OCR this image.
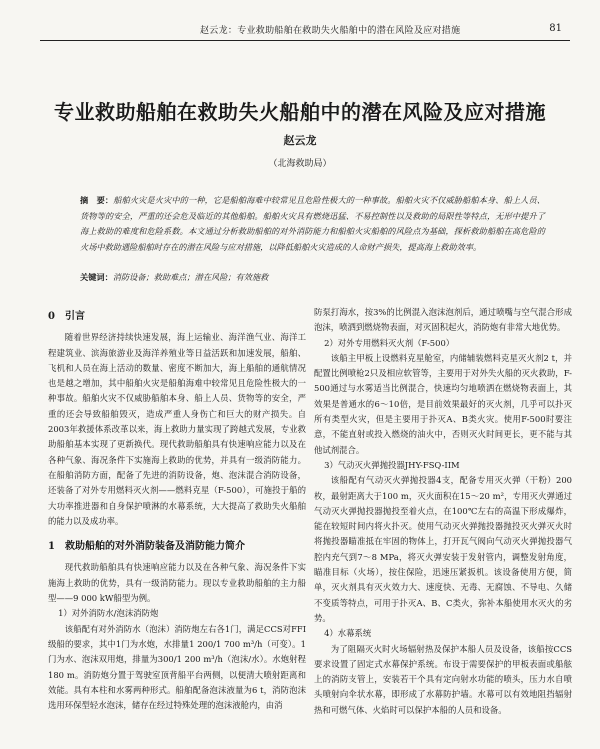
赵云龙：专业救助船舶在救助失火船舶中的潜在风险及应对措施	81
专业救助船舶在救助失火船舶中的潜在风险及应对措施
赵云龙
（北海救助局）
摘　要：船舶火灾是火灾中的一种，它是船舶海难中较常见且危险性极大的一种事故。船舶火灾不仅威胁船舶本身、船上人员、货物等的安全，严重的还会危及临近的其他船舶。船舶火灾具有燃烧迅猛、不易控制性以及救助的局限性等特点，无形中提升了海上救助的难度和危险系数。本文通过分析救助船舶的对外消防能力和船舶火灾船舶的风险点为基础，探析救助船舶在高危险的火场中救助遇险船舶时存在的潜在风险与应对措施，以降低船舶火灾造成的人命财产损失，提高海上救助效率。
关键词：消防设备；救助难点；潜在风险；有效施救
0　引言

随着世界经济持续快速发展，海上运输业、海洋渔气业、海洋工程建筑业、滨海旅游业及海洋养殖业等日益活跃和加速发展，船舶、飞机和人员在海上活动的数量、密度不断加大，海上船舶的通航情况也是越之增加，其中船舶火灾是船舶海难中较常见且危险性极大的一种事故。船舶火灾不仅威胁船舶本身、船上人员、货物等的安全，严重的还会导致船舶毁灭，造成严重人身伤亡和巨大的财产损失。自2003年救援体系改革以来，海上救助力量实现了跨越式发展，专业救助船舶基本实现了更新换代。现代救助船舶具有快速响应能力以及在各种气象、海况条件下实施海上救助的优势，并具有一级消防能力。在船舶消防方面，配备了先进的消防设备，炮、泡沫混合消防设备，还装备了对外专用燃料灭火剂——燃料克星（F-500），可施投于船的大功率推进器和自身保护喷淋的水幕系统，大大提高了救助失火船舶的能力以及成功率。

1　救助船舶的对外消防装备及消防能力简介

现代救助船舶具有快速响应能力以及在各种气象、海况条件下实施海上救助的优势，具有一级消防能力。现以专业救助船舶的主力船型——9 000 kW船型为例。

1）对外消防水/泡沫消防炮

该船配有对外消防水（泡沫）消防炮左右各1门，满足CCS对FFI级船的要求，其中1门为水炮，水排量1 200/1 700 m³/h（可变）。1门为水、泡沫双用炮，排量为300/1 200 m³/h（泡沫/水）。水炮射程180 m。消防炮分置于驾驶室顶背船平台两侧，以便清大喷射距离和效能。具有本柱和水雾两种形式。船舶配备泡沫液量为6 t，消防泡沫选用环保型轻水泡沫，储存在经过特殊处理的泡沫液舱内，由消

防泵打海水，按3%的比例混入泡沫泡剂后，通过喷嘴与空气混合形成泡沫，喷洒到燃烧物表面，对灭固积起火，消防炮有非常大地优势。

2）对外专用燃料灭火剂（F-500）

该船主甲板上设燃料克星舱室，内储辅装燃料克星灭火剂2 t，并配置比例喷枪2只及相应软管等，主要用于对外失火船的灭火救助，F-500通过与水雾适当比例混合，快速均匀地喷洒在燃烧物表面上，其效果是普通水的6～10倍，是目前效果最好的灭火剂，几乎可以扑灭所有类型火灾，但是主要用于扑灭A、B类火灾。使用F-500时要注意，不能直射或投入燃烧的油火中，否则灭火时间更长，更不能与其他试剂混合。

3）气动灭火弹抛投器JHY-FSQ-IIM

该船配有气动灭火弹抛投器4支，配备专用灭火弹（干粉）200枚，最射距离大于100 m，灭火面积在15～20 m²，专用灭火弹通过气动灭火弹抛投器抛投至着火点，在100℃左右的高温下形成爆炸，能在较短时间内将火扑灭。使用气动灭火弹抛投器抛投灭火弹灭火时将抛投器瞄准抵在牢固的物体上，打开瓦气阀向气动灭火弹抛投器气腔内充气到7～8 MPa，将灭火弹安装于发射管内，调整发射角度，瞄准目标（火场），按住保险，迅速压紧扳机。该设备使用方便，简单，灭火剂具有灭火效力大、速度快、无毒、无腐蚀、不导电、久储不变质等特点，可用于扑灭A、B、C类火，弥补本船使用水灭火的劣势。

4）水幕系统

为了阻隔灭火时火场辐射热及保护本船人员及设备，该船按CCS要求设置了固定式水幕保护系统。布设于需要保护的甲板表面或船舷上的消防支管上，安装若干个具有定向射水功能的喷头，压力水自喷头喷射向伞状水幕，即形成了水幕防护墙。水幕可以有效地阻挡辐射热和可燃气体、火焰时可以保护本船的人员和设备。
